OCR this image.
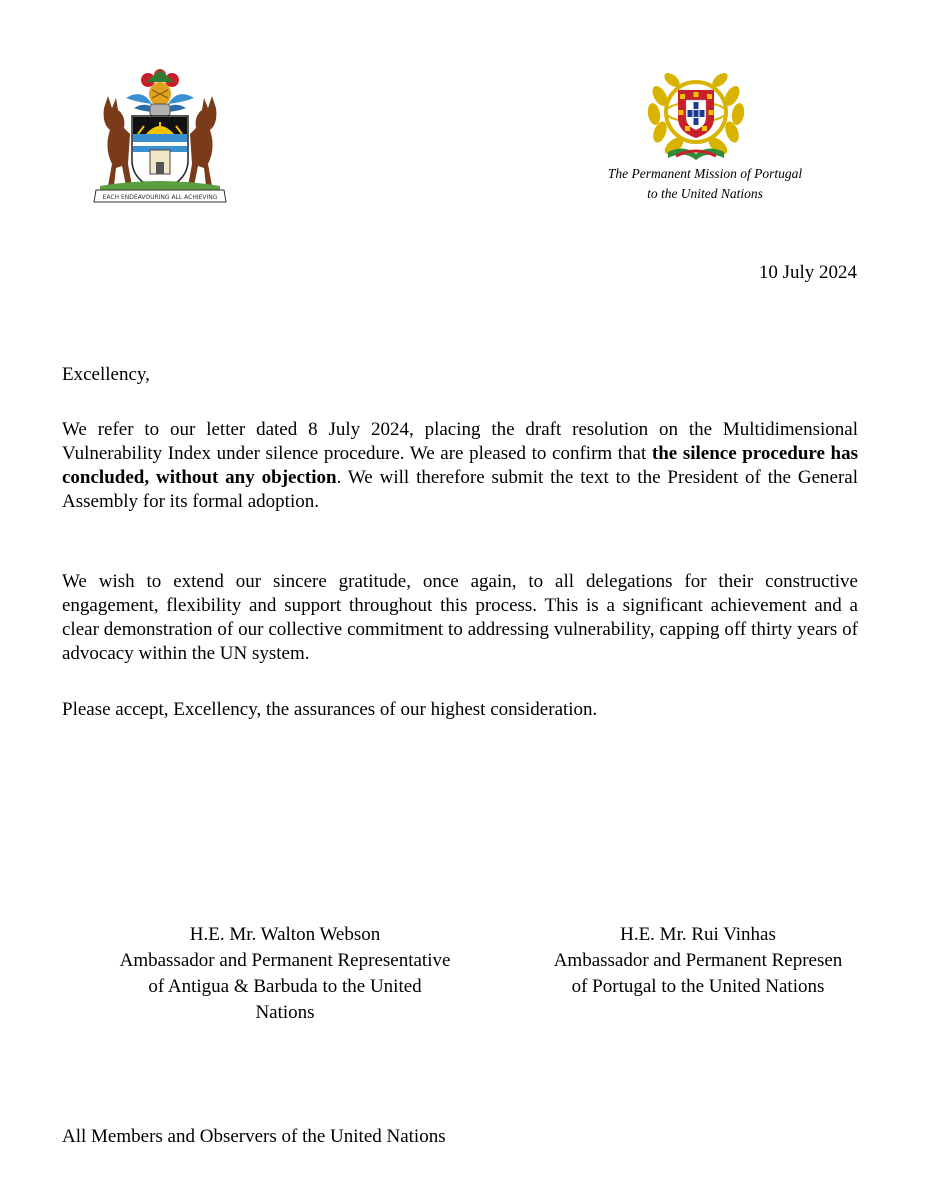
EACH ENDEAVOURING ALL ACHIEVING
The Permanent Mission of Portugal
to the United Nations
10 July 2024
Excellency,

We refer to our letter dated 8 July 2024, placing the draft resolution on the Multidimensional Vulnerability Index under silence procedure. We are pleased to confirm that the silence procedure has concluded, without any objection. We will therefore submit the text to the President of the General Assembly for its formal adoption.

We wish to extend our sincere gratitude, once again, to all delegations for their constructive engagement, flexibility and support throughout this process. This is a significant achievement and a clear demonstration of our collective commitment to addressing vulnerability, capping off thirty years of advocacy within the UN system.

Please accept, Excellency, the assurances of our highest consideration.
H.E. Mr. Walton Webson
Ambassador and Permanent Representative
of Antigua & Barbuda to the United
Nations
H.E. Mr. Rui Vinhas
Ambassador and Permanent Represen
of Portugal to the United Nations
All Members and Observers of the United Nations
